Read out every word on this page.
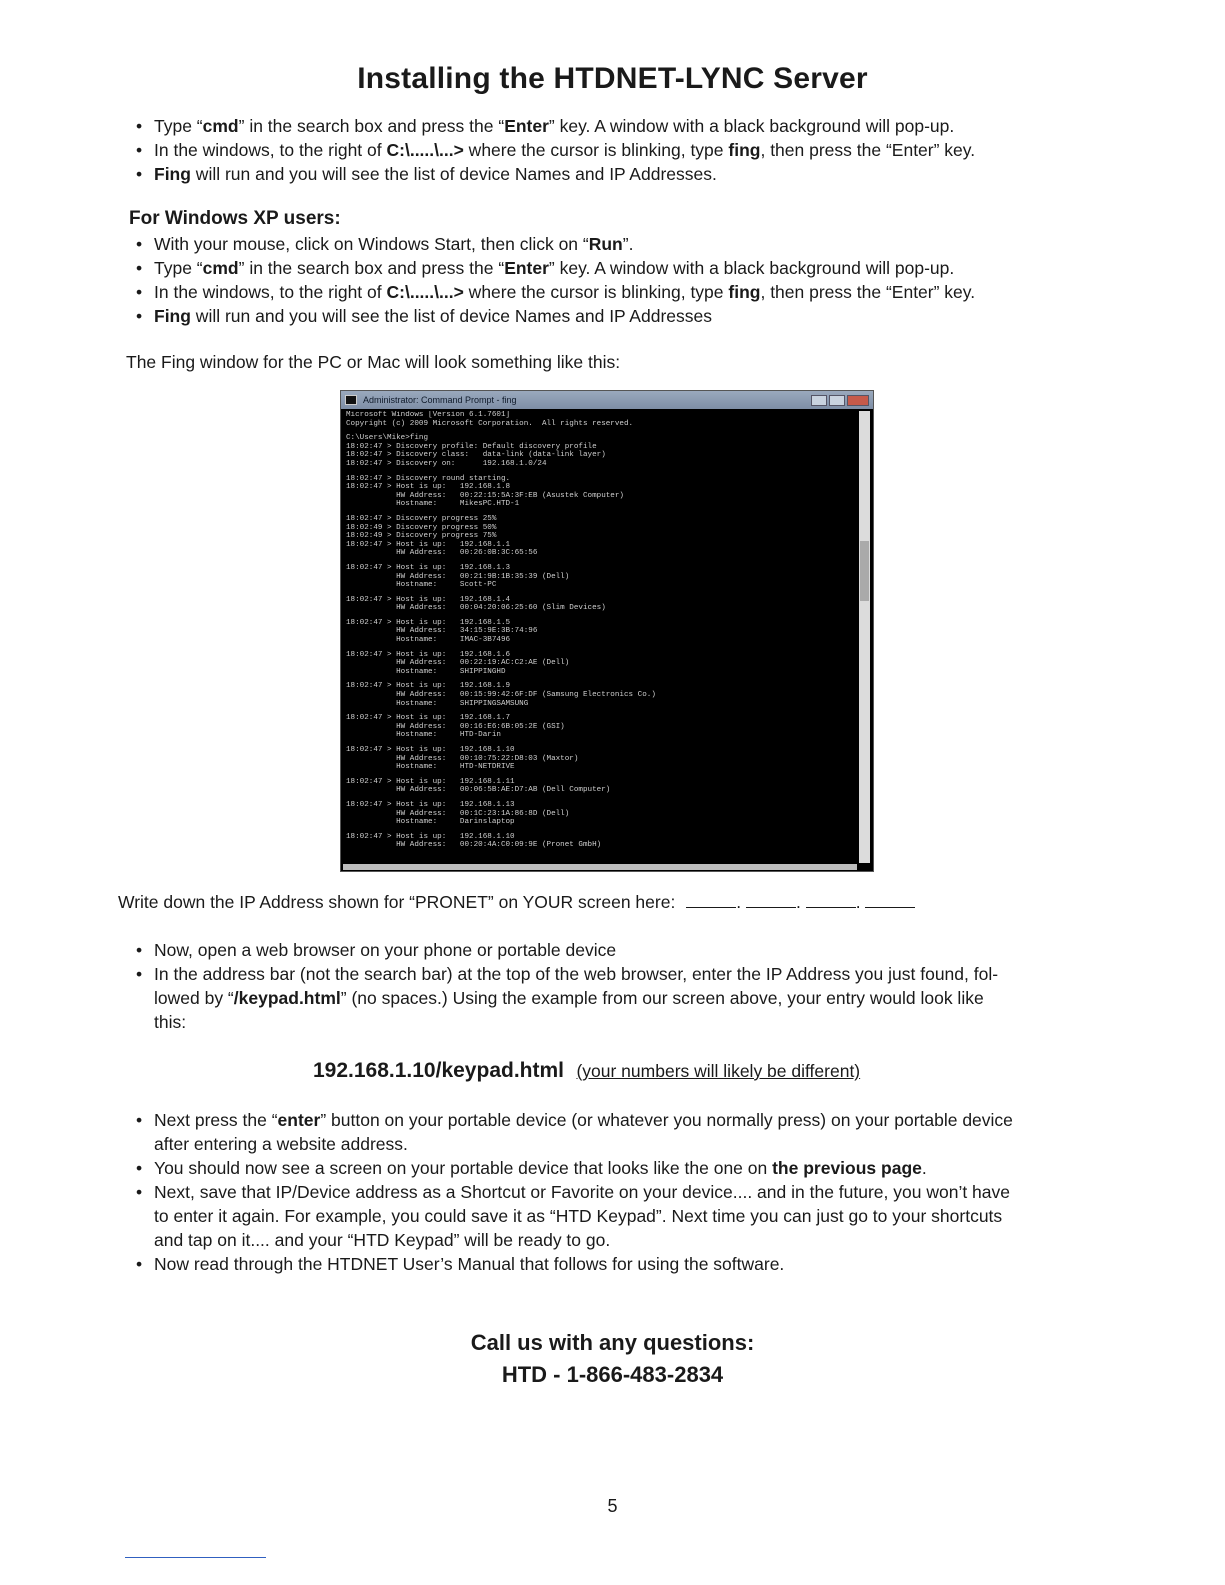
Installing the HTDNET-LYNC Server
• Type “cmd” in the search box and press the “Enter” key. A window with a black background will pop-up.
• In the windows, to the right of C:\.....\...> where the cursor is blinking, type fing, then press the “Enter” key.
• Fing will run and you will see the list of device Names and IP Addresses.
For Windows XP users:
• With your mouse, click on Windows Start, then click on “Run”.
• Type “cmd” in the search box and press the “Enter” key. A window with a black background will pop-up.
• In the windows, to the right of C:\.....\...> where the cursor is blinking, type fing, then press the “Enter” key.
• Fing will run and you will see the list of device Names and IP Addresses
The Fing window for the PC or Mac will look something like this:
Administrator: Command Prompt - fing
Microsoft Windows [Version 6.1.7601]
Copyright (c) 2009 Microsoft Corporation.  All rights reserved.
C:\Users\Mike>fing
18:02:47 > Discovery profile: Default discovery profile
18:02:47 > Discovery class:   data-link (data-link layer)
18:02:47 > Discovery on:      192.168.1.0/24
18:02:47 > Discovery round starting.
18:02:47 > Host is up:   192.168.1.8
HW Address:   00:22:15:5A:3F:EB (Asustek Computer)
Hostname:     MikesPC.HTD-1
18:02:47 > Discovery progress 25%
18:02:49 > Discovery progress 50%
18:02:49 > Discovery progress 75%
18:02:47 > Host is up:   192.168.1.1
HW Address:   00:26:0B:3C:65:56
18:02:47 > Host is up:   192.168.1.3
HW Address:   00:21:9B:1B:35:39 (Dell)
Hostname:     Scott-PC
18:02:47 > Host is up:   192.168.1.4
HW Address:   00:04:20:06:25:60 (Slim Devices)
18:02:47 > Host is up:   192.168.1.5
HW Address:   34:15:9E:3B:74:96
Hostname:     IMAC-3B7496
18:02:47 > Host is up:   192.168.1.6
HW Address:   00:22:19:AC:C2:AE (Dell)
Hostname:     SHIPPINGHD
18:02:47 > Host is up:   192.168.1.9
HW Address:   00:15:99:42:6F:DF (Samsung Electronics Co.)
Hostname:     SHIPPINGSAMSUNG
18:02:47 > Host is up:   192.168.1.7
HW Address:   00:16:E6:6B:05:2E (GSI)
Hostname:     HTD-Darin
18:02:47 > Host is up:   192.168.1.10
HW Address:   00:10:75:22:D8:03 (Maxtor)
Hostname:     HTD-NETDRIVE
18:02:47 > Host is up:   192.168.1.11
HW Address:   00:06:5B:AE:D7:AB (Dell Computer)
18:02:47 > Host is up:   192.168.1.13
HW Address:   00:1C:23:1A:86:8D (Dell)
Hostname:     Darinslaptop
18:02:47 > Host is up:   192.168.1.10
HW Address:   00:20:4A:C0:09:9E (Pronet GmbH)
Write down the IP Address shown for “PRONET” on YOUR screen here:	.	.	.
• Now, open a web browser on your phone or portable device
• In the address bar (not the search bar) at the top of the web browser, enter the IP Address you just found, fol-
lowed by “/keypad.html” (no spaces.) Using the example from our screen above, your entry would look like
this:
192.168.1.10/keypad.html (your numbers will likely be different)
• Next press the “enter” button on your portable device (or whatever you normally press) on your portable device
after entering a website address.
• You should now see a screen on your portable device that looks like the one on the previous page.
• Next, save that IP/Device address as a Shortcut or Favorite on your device.... and in the future, you won’t have
to enter it again. For example, you could save it as “HTD Keypad”. Next time you can just go to your shortcuts
and tap on it.... and your “HTD Keypad” will be ready to go.
• Now read through the HTDNET User’s Manual that follows for using the software.
Call us with any questions:
HTD - 1-866-483-2834
5
